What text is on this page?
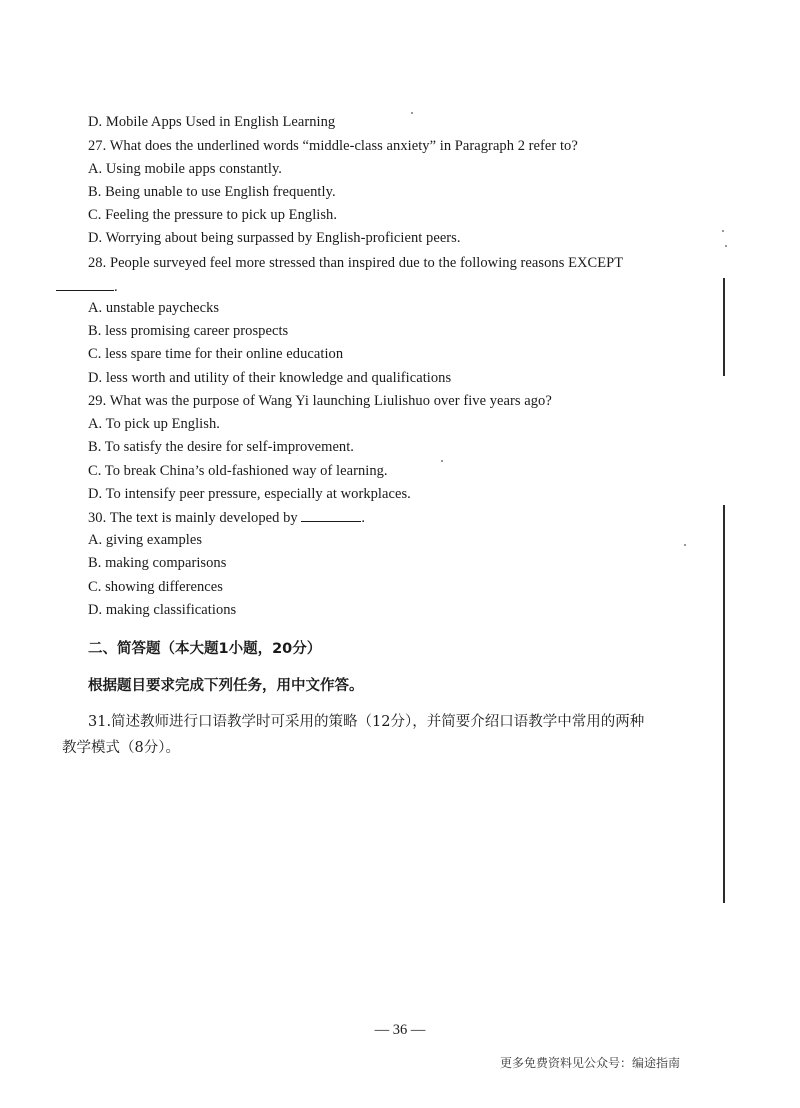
D. Mobile Apps Used in English Learning
27. What does the underlined words “middle-class anxiety” in Paragraph 2 refer to?
A. Using mobile apps constantly.
B. Being unable to use English frequently.
C. Feeling the pressure to pick up English.
D. Worrying about being surpassed by English-proficient peers.
28. People surveyed feel more stressed than inspired due to the following reasons EXCEPT
.
A. unstable paychecks
B. less promising career prospects
C. less spare time for their online education
D. less worth and utility of their knowledge and qualifications
29. What was the purpose of Wang Yi launching Liulishuo over five years ago?
A. To pick up English.
B. To satisfy the desire for self-improvement.
C. To break China’s old-fashioned way of learning.
D. To intensify peer pressure, especially at workplaces.
30. The text is mainly developed by	.
A. giving examples
B. making comparisons
C. showing differences
D. making classifications
二、简答题（本大题1小题，20分）
根据题目要求完成下列任务，用中文作答。
31.简述教师进行口语教学时可采用的策略（12分），并简要介绍口语教学中常用的两种
教学模式（8分）。
— 36 —
更多免费资料见公众号：编途指南
